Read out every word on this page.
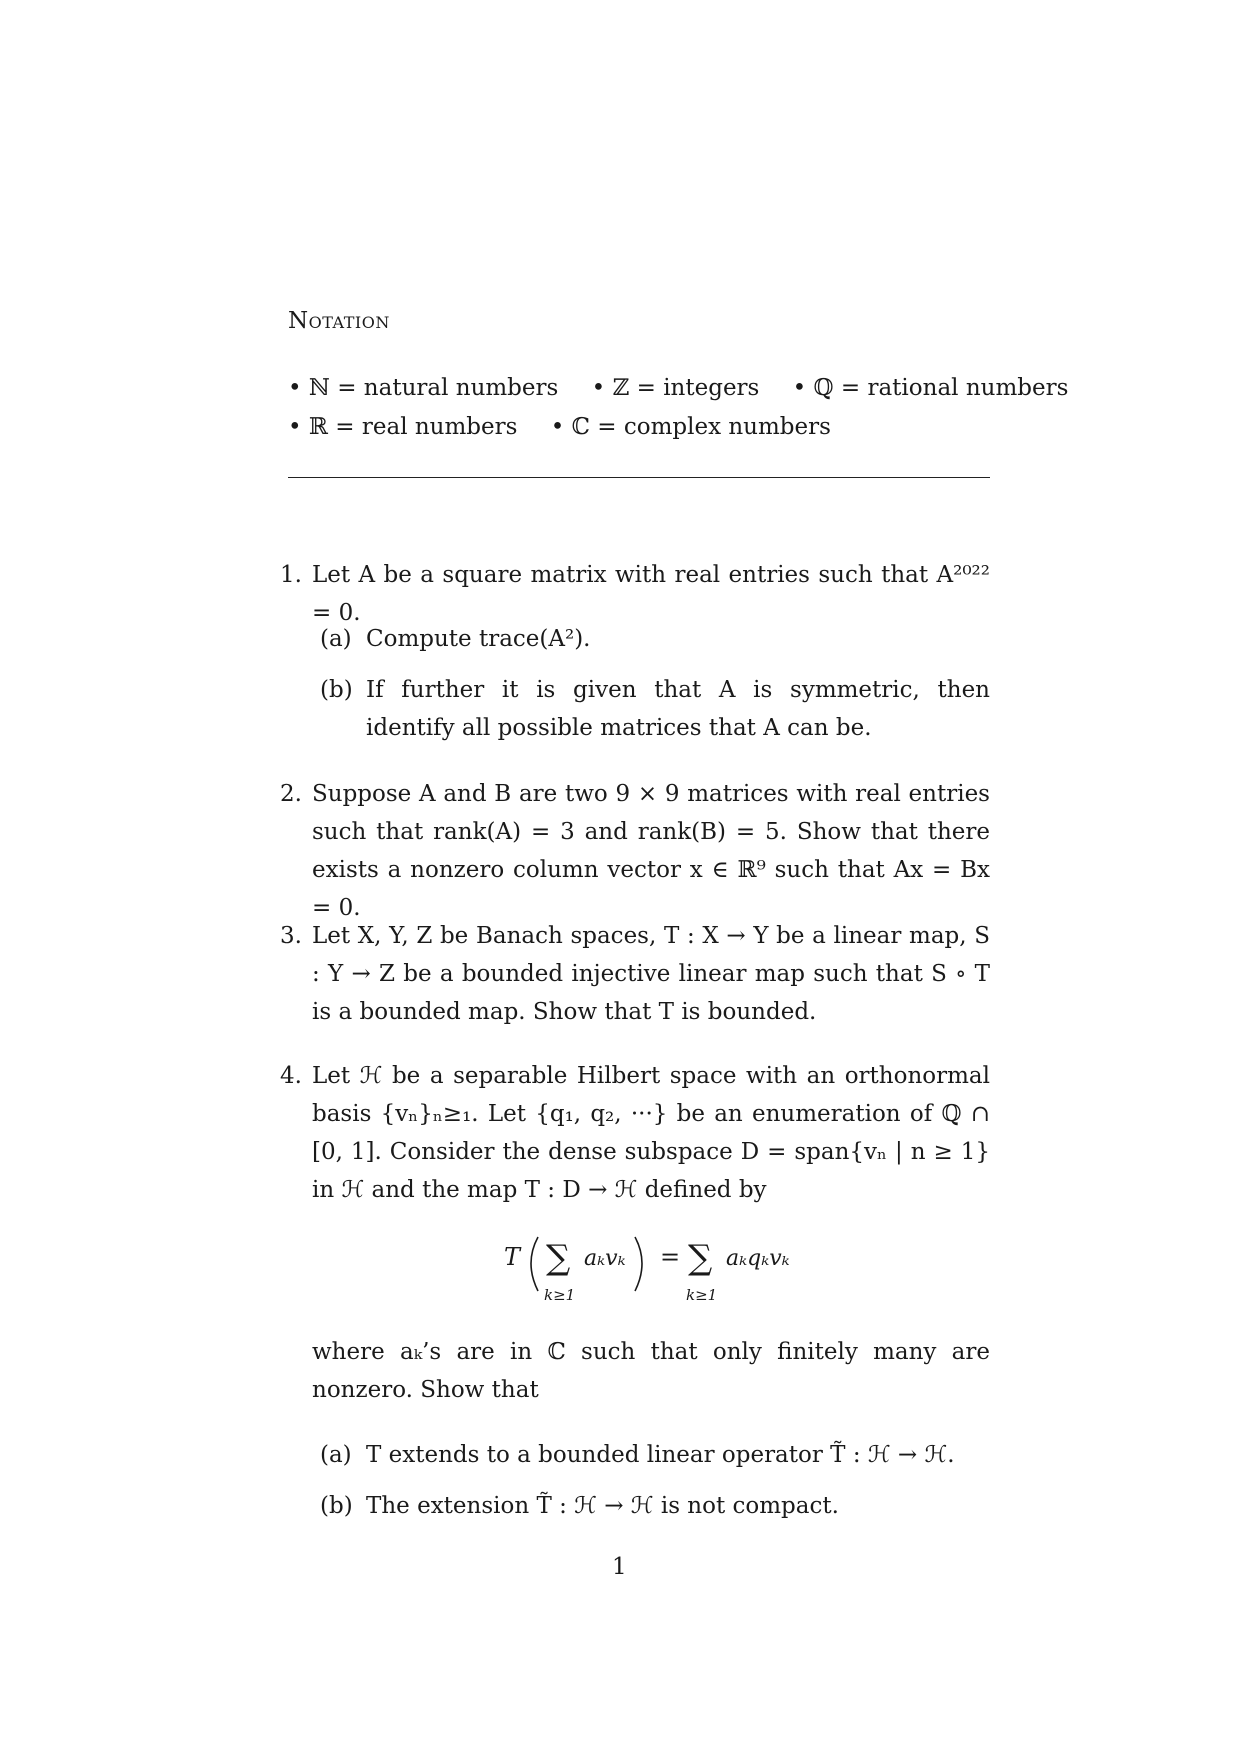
Notation
• ℕ = natural numbers • ℤ = integers • ℚ = rational numbers
• ℝ = real numbers • ℂ = complex numbers
1. Let A be a square matrix with real entries such that A²⁰²² = 0.
(a) Compute trace(A²).
(b) If further it is given that A is symmetric, then identify all possible matrices that A can be.
2. Suppose A and B are two 9 × 9 matrices with real entries such that rank(A) = 3 and rank(B) = 5. Show that there exists a nonzero column vector x ∈ ℝ⁹ such that Ax = Bx = 0.
3. Let X, Y, Z be Banach spaces, T : X → Y be a linear map, S : Y → Z be a bounded injective linear map such that S ∘ T is a bounded map. Show that T is bounded.
4. Let ℋ be a separable Hilbert space with an orthonormal basis {vₙ}ₙ≥₁. Let {q₁, q₂, ···} be an enumeration of ℚ ∩ [0, 1]. Consider the dense subspace D = span{vₙ | n ≥ 1} in ℋ and the map T : D → ℋ defined by
T ∑
k≥1
aₖvₖ = ∑
k≥1
aₖqₖvₖ
where aₖ’s are in ℂ such that only finitely many are nonzero. Show that
(a) T extends to a bounded linear operator T̃ : ℋ → ℋ.
(b) The extension T̃ : ℋ → ℋ is not compact.
1
